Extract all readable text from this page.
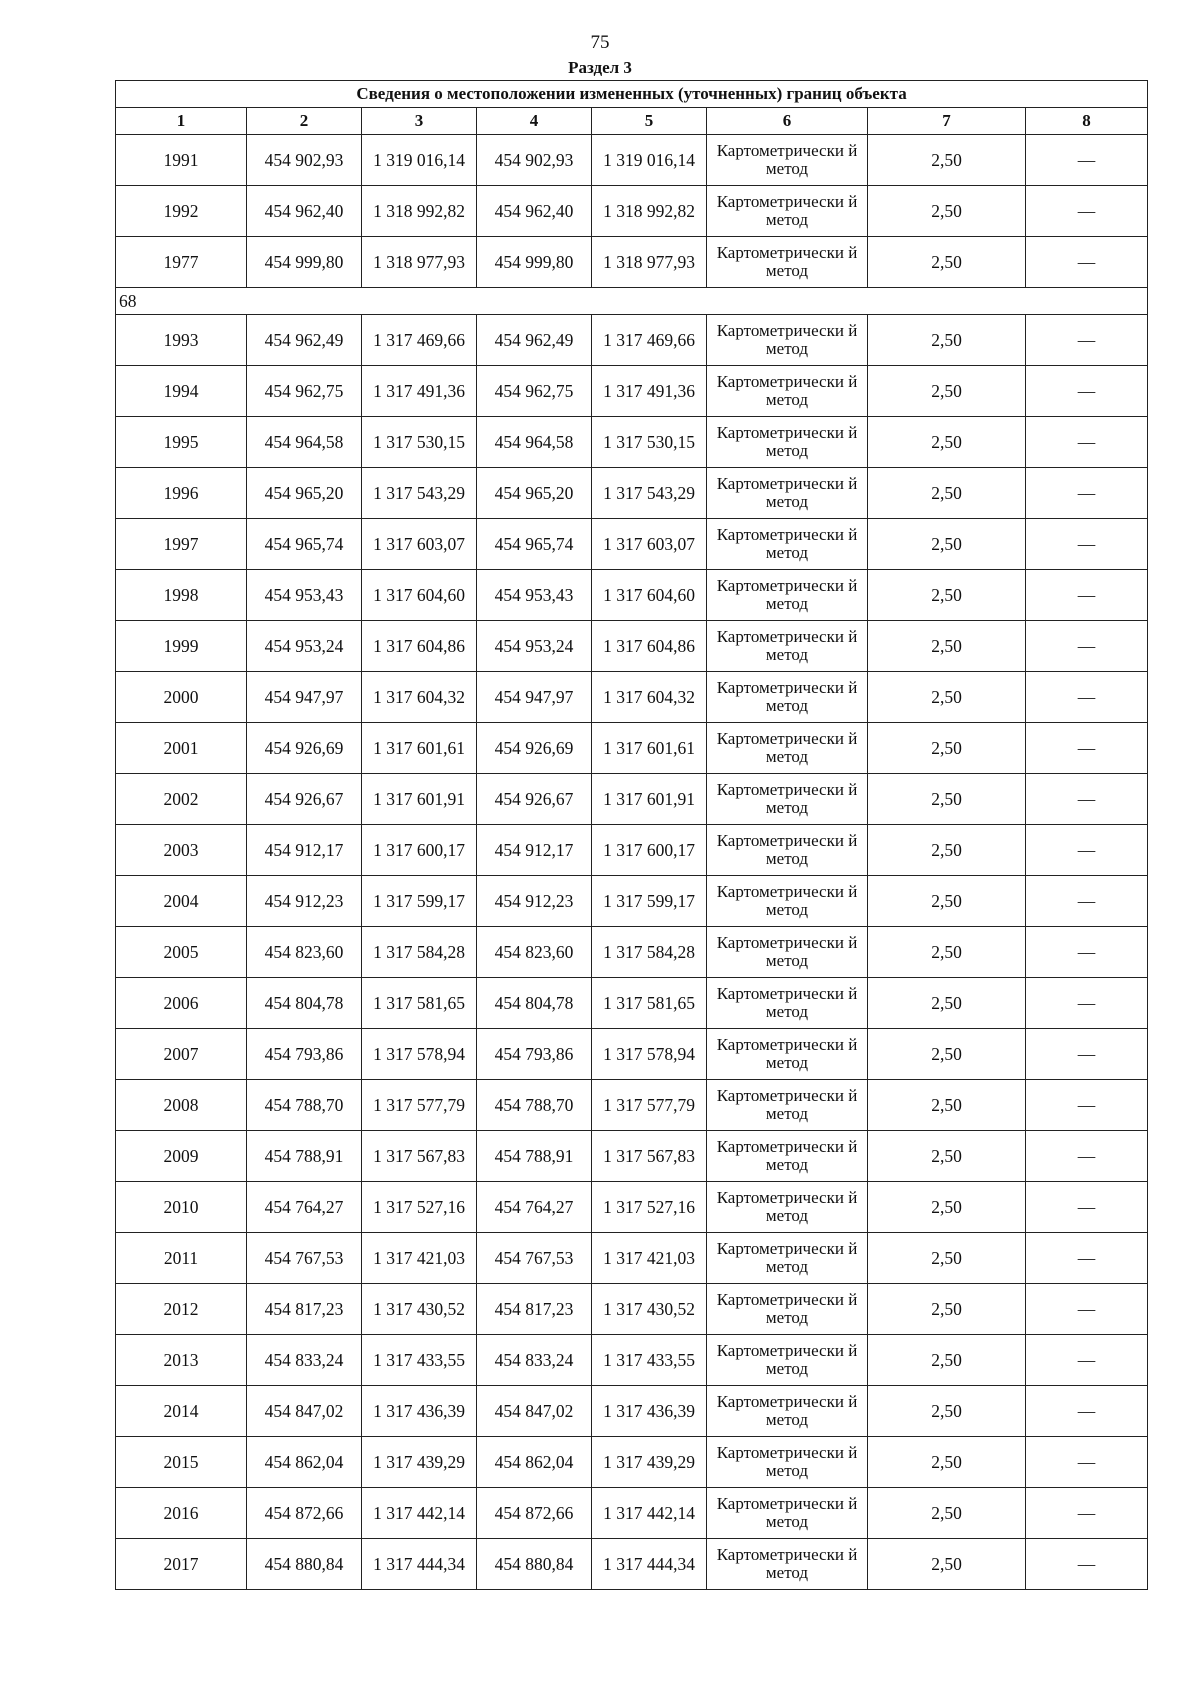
75
Раздел 3
Сведения о местоположении измененных (уточненных) границ объекта							
1	2	3	4	5	6	7	8
1991	454 902,93	1 319 016,14	454 902,93	1 319 016,14	Картометрически й метод	2,50	—
1992	454 962,40	1 318 992,82	454 962,40	1 318 992,82	Картометрически й метод	2,50	—
1977	454 999,80	1 318 977,93	454 999,80	1 318 977,93	Картометрически й метод	2,50	—
68							
1993	454 962,49	1 317 469,66	454 962,49	1 317 469,66	Картометрически й метод	2,50	—
1994	454 962,75	1 317 491,36	454 962,75	1 317 491,36	Картометрически й метод	2,50	—
1995	454 964,58	1 317 530,15	454 964,58	1 317 530,15	Картометрически й метод	2,50	—
1996	454 965,20	1 317 543,29	454 965,20	1 317 543,29	Картометрически й метод	2,50	—
1997	454 965,74	1 317 603,07	454 965,74	1 317 603,07	Картометрически й метод	2,50	—
1998	454 953,43	1 317 604,60	454 953,43	1 317 604,60	Картометрически й метод	2,50	—
1999	454 953,24	1 317 604,86	454 953,24	1 317 604,86	Картометрически й метод	2,50	—
2000	454 947,97	1 317 604,32	454 947,97	1 317 604,32	Картометрически й метод	2,50	—
2001	454 926,69	1 317 601,61	454 926,69	1 317 601,61	Картометрически й метод	2,50	—
2002	454 926,67	1 317 601,91	454 926,67	1 317 601,91	Картометрически й метод	2,50	—
2003	454 912,17	1 317 600,17	454 912,17	1 317 600,17	Картометрически й метод	2,50	—
2004	454 912,23	1 317 599,17	454 912,23	1 317 599,17	Картометрически й метод	2,50	—
2005	454 823,60	1 317 584,28	454 823,60	1 317 584,28	Картометрически й метод	2,50	—
2006	454 804,78	1 317 581,65	454 804,78	1 317 581,65	Картометрически й метод	2,50	—
2007	454 793,86	1 317 578,94	454 793,86	1 317 578,94	Картометрически й метод	2,50	—
2008	454 788,70	1 317 577,79	454 788,70	1 317 577,79	Картометрически й метод	2,50	—
2009	454 788,91	1 317 567,83	454 788,91	1 317 567,83	Картометрически й метод	2,50	—
2010	454 764,27	1 317 527,16	454 764,27	1 317 527,16	Картометрически й метод	2,50	—
2011	454 767,53	1 317 421,03	454 767,53	1 317 421,03	Картометрически й метод	2,50	—
2012	454 817,23	1 317 430,52	454 817,23	1 317 430,52	Картометрически й метод	2,50	—
2013	454 833,24	1 317 433,55	454 833,24	1 317 433,55	Картометрически й метод	2,50	—
2014	454 847,02	1 317 436,39	454 847,02	1 317 436,39	Картометрически й метод	2,50	—
2015	454 862,04	1 317 439,29	454 862,04	1 317 439,29	Картометрически й метод	2,50	—
2016	454 872,66	1 317 442,14	454 872,66	1 317 442,14	Картометрически й метод	2,50	—
2017	454 880,84	1 317 444,34	454 880,84	1 317 444,34	Картометрически й метод	2,50	—
